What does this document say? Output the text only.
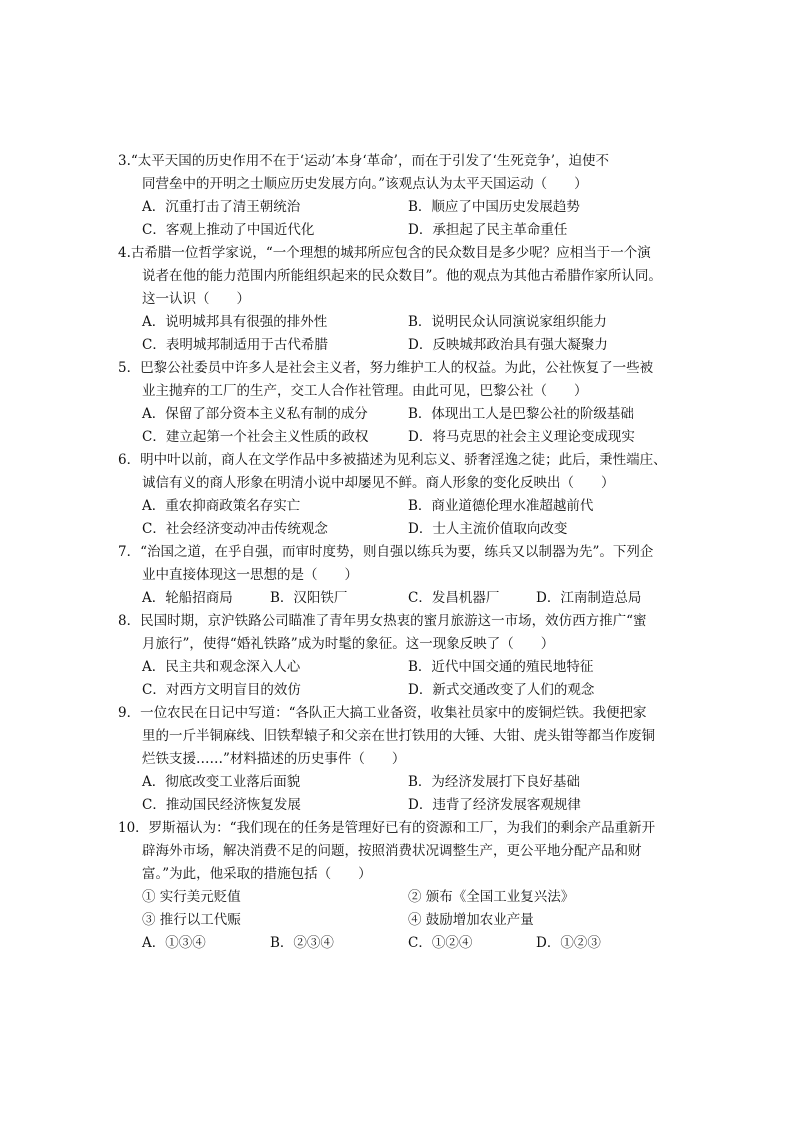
3.“太平天国的历史作用不在于‘运动’本身‘革命’，而在于引发了‘生死竞争’，迫使不
同营垒中的开明之士顺应历史发展方向。”该观点认为太平天国运动（　　）
A．沉重打击了清王朝统治	B．顺应了中国历史发展趋势
C．客观上推动了中国近代化	D．承担起了民主革命重任
4.古希腊一位哲学家说，“一个理想的城邦所应包含的民众数目是多少呢？应相当于一个演
说者在他的能力范围内所能组织起来的民众数目”。他的观点为其他古希腊作家所认同。
这一认识（　　）
A．说明城邦具有很强的排外性	B．说明民众认同演说家组织能力
C．表明城邦制适用于古代希腊	D．反映城邦政治具有强大凝聚力
5．巴黎公社委员中许多人是社会主义者，努力维护工人的权益。为此，公社恢复了一些被
业主抛弃的工厂的生产，交工人合作社管理。由此可见，巴黎公社（　　）
A．保留了部分资本主义私有制的成分	B．体现出工人是巴黎公社的阶级基础
C．建立起第一个社会主义性质的政权	D．将马克思的社会主义理论变成现实
6．明中叶以前，商人在文学作品中多被描述为见利忘义、骄奢淫逸之徒；此后，秉性端庄、
诚信有义的商人形象在明清小说中却屡见不鲜。商人形象的变化反映出（　　）
A．重农抑商政策名存实亡	B．商业道德伦理水准超越前代
C．社会经济变动冲击传统观念	D．士人主流价值取向改变
7．“治国之道，在乎自强，而审时度势，则自强以练兵为要，练兵又以制器为先”。下列企
业中直接体现这一思想的是（　　）
A．轮船招商局	B．汉阳铁厂	C．发昌机器厂	D．江南制造总局
8．民国时期，京沪铁路公司瞄准了青年男女热衷的蜜月旅游这一市场，效仿西方推广“蜜
月旅行”，使得“婚礼铁路”成为时髦的象征。这一现象反映了（　　）
A．民主共和观念深入人心	B．近代中国交通的殖民地特征
C．对西方文明盲目的效仿	D．新式交通改变了人们的观念
9．一位农民在日记中写道：“各队正大搞工业备资，收集社员家中的废铜烂铁。我便把家
里的一斤半铜麻线、旧铁犁辕子和父亲在世打铁用的大锤、大钳、虎头钳等都当作废铜
烂铁支援……”材料描述的历史事件（　　）
A．彻底改变工业落后面貌	B．为经济发展打下良好基础
C．推动国民经济恢复发展	D．违背了经济发展客观规律
10．罗斯福认为：“我们现在的任务是管理好已有的资源和工厂，为我们的剩余产品重新开
辟海外市场，解决消费不足的问题，按照消费状况调整生产，更公平地分配产品和财
富。”为此，他采取的措施包括（　　）
① 实行美元贬值	② 颁布《全国工业复兴法》
③ 推行以工代赈	④ 鼓励增加农业产量
A．①③④	B．②③④	C．①②④	D．①②③
